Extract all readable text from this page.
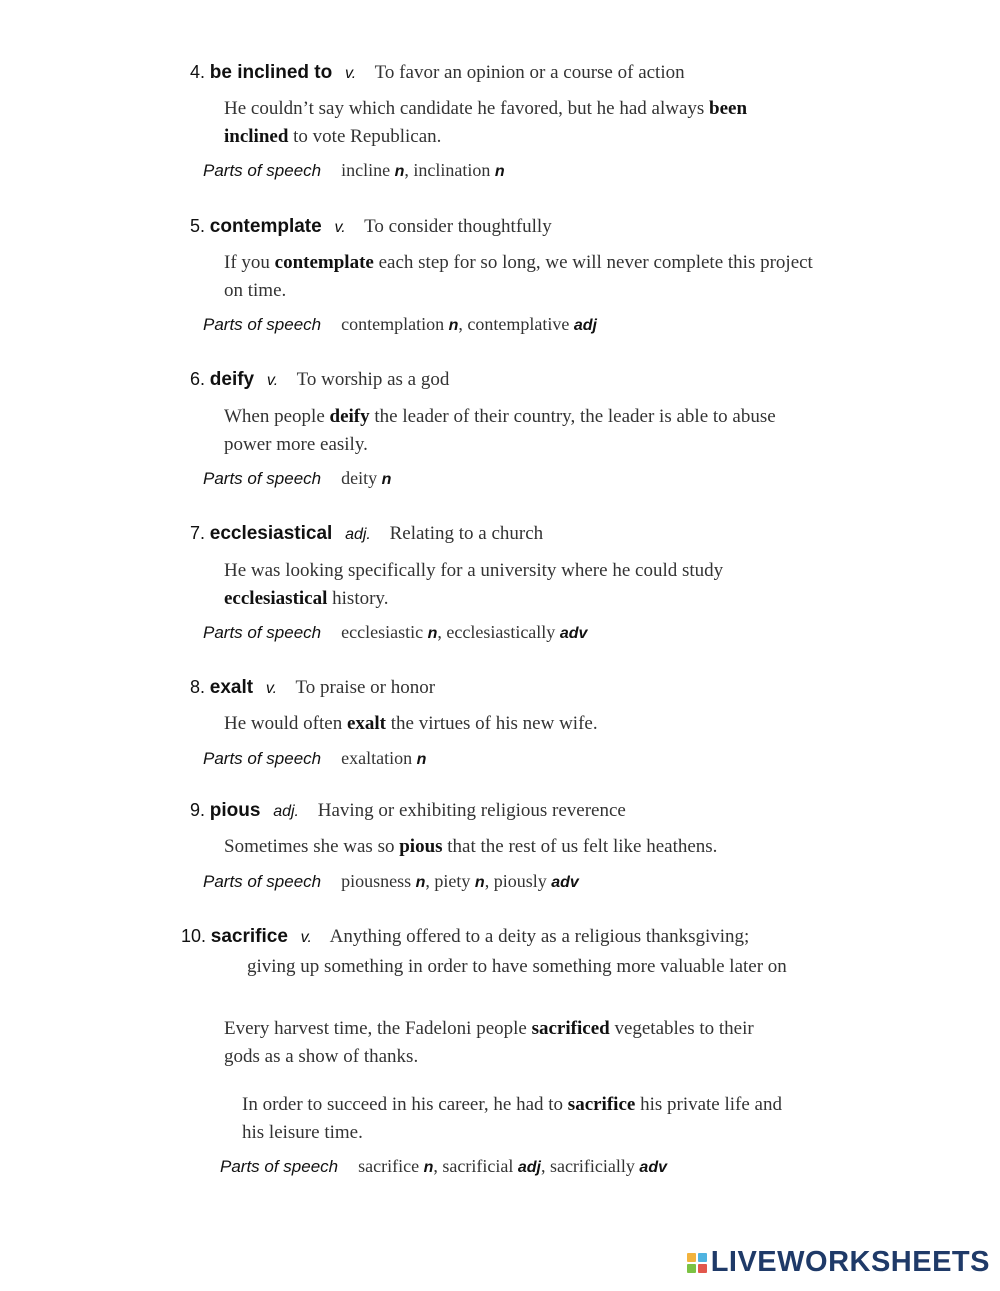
4. be inclined to v. To favor an opinion or a course of action
He couldn’t say which candidate he favored, but he had always been inclined to vote Republican.
Parts of speech incline n, inclination n
5. contemplate v. To consider thoughtfully
If you contemplate each step for so long, we will never complete this project on time.
Parts of speech contemplation n, contemplative adj
6. deify v. To worship as a god
When people deify the leader of their country, the leader is able to abuse power more easily.
Parts of speech deity n
7. ecclesiastical adj. Relating to a church
He was looking specifically for a university where he could study ecclesiastical history.
Parts of speech ecclesiastic n, ecclesiastically adv
8. exalt v. To praise or honor
He would often exalt the virtues of his new wife.
Parts of speech exaltation n
9. pious adj. Having or exhibiting religious reverence
Sometimes she was so pious that the rest of us felt like heathens.
Parts of speech piousness n, piety n, piously adv
10. sacrifice v. Anything offered to a deity as a religious thanksgiving;
giving up something in order to have something more valuable later on
Every harvest time, the Fadeloni people sacrificed vegetables to their gods as a show of thanks.
In order to succeed in his career, he had to sacrifice his private life and his leisure time.
Parts of speech sacrifice n, sacrificial adj, sacrificially adv
LIVEWORKSHEETS
